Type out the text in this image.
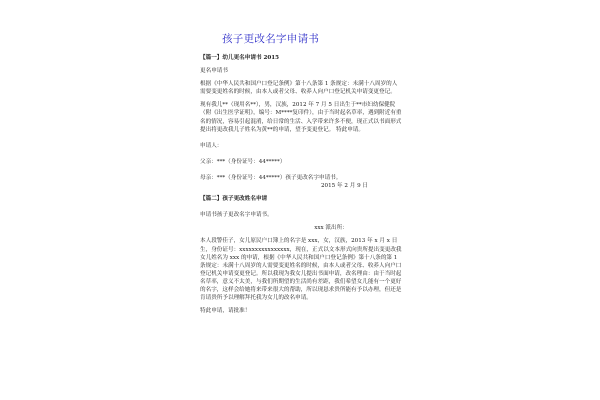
孩子更改名字申请书

【篇一】幼儿更名申请书 2015

更名申请书

根据《中华人民共和国户口登记条例》第十八条第 1 条规定：未满十八周岁的人需要变更姓名的时候，由本人或者父母、收养人向户口登记机关申请变更登记。

现有我儿**（现用名**），男，汉族，2012 年 7 月 5 日出生于**市妇幼保健院（附《出生医学证明》，编号：M****复印件），由于当时起名草率，遇到附近有重名的情况，容易引起混淆，给日常的生活、入学带来许多不便，现正式以书面形式提出将更改我儿子姓名为黄**的申请，望予变更登记。 特此申请。

申请人：

父亲：***（身份证号：44*****）

母亲：***（身份证号：44*****）孩子更改名字申请书。

2015 年 2 月 9 日

【篇二】孩子更改姓名申请

申请书孩子更改名字申请书。

xxx 派出所：

本人段警佳子，女儿原民户口簿上的名字是 xxx，女，汉族，2013 年 x 月 x 日生，身份证号：xxxxxxxxxxxxxxxx，现在，正式以文本形式向贵所提出变更改我女儿姓名为 xxx 的申请，根据《中华人民共和国户口登记条例》第十八条的第 1 条规定：未满十八周岁的人需要变更姓名的时候，由本人或者父母、收养人向户口登记机关申请变更登记。所以我现为我女儿提出书面申请，改名理由：由于当时起名草率，意义不太美，与我们所期望的生活尚有差距，我们希望女儿能有一个更好的名字，这样会给她将来带来很大的帮助，所以现恳求贵所能有予以办理，但还是肯请贵所予以理解拜托我为女儿的改名申请。

特此申请，请批准！
